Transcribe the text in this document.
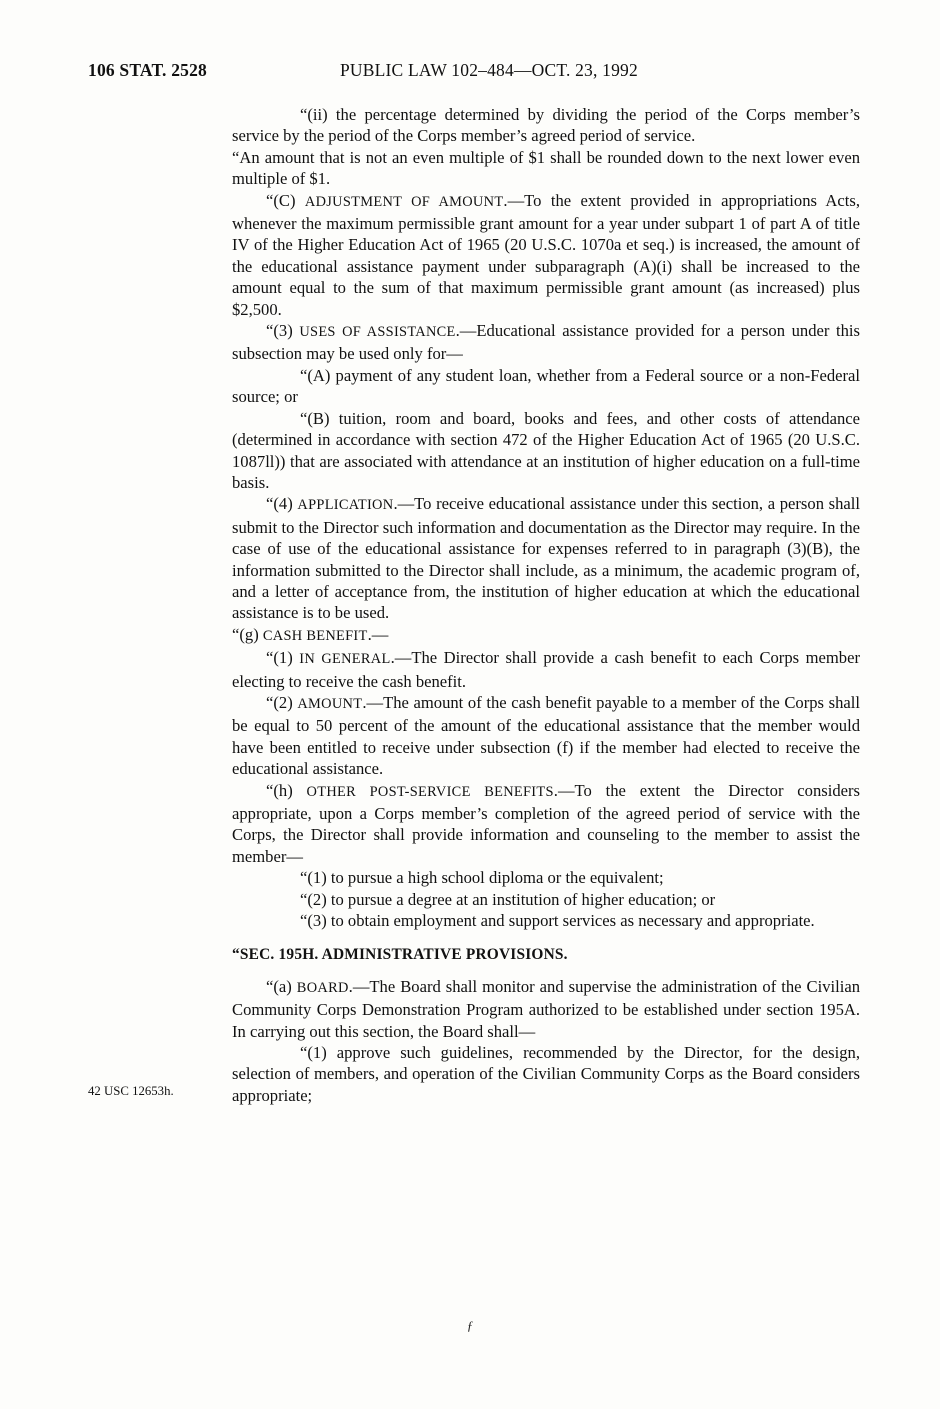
106 STAT. 2528	PUBLIC LAW 102–484—OCT. 23, 1992

“(ii) the percentage determined by dividing the period of the Corps member’s service by the period of the Corps member’s agreed period of service.

“An amount that is not an even multiple of $1 shall be rounded down to the next lower even multiple of $1.

“(C) ADJUSTMENT OF AMOUNT.—To the extent provided in appropriations Acts, whenever the maximum permissible grant amount for a year under subpart 1 of part A of title IV of the Higher Education Act of 1965 (20 U.S.C. 1070a et seq.) is increased, the amount of the educational assistance payment under subparagraph (A)(i) shall be increased to the amount equal to the sum of that maximum permissible grant amount (as increased) plus $2,500.

“(3) USES OF ASSISTANCE.—Educational assistance provided for a person under this subsection may be used only for—

“(A) payment of any student loan, whether from a Federal source or a non-Federal source; or

“(B) tuition, room and board, books and fees, and other costs of attendance (determined in accordance with section 472 of the Higher Education Act of 1965 (20 U.S.C. 1087ll)) that are associated with attendance at an institution of higher education on a full-time basis.

“(4) APPLICATION.—To receive educational assistance under this section, a person shall submit to the Director such information and documentation as the Director may require. In the case of use of the educational assistance for expenses referred to in paragraph (3)(B), the information submitted to the Director shall include, as a minimum, the academic program of, and a letter of acceptance from, the institution of higher education at which the educational assistance is to be used.

“(g) CASH BENEFIT.—

“(1) IN GENERAL.—The Director shall provide a cash benefit to each Corps member electing to receive the cash benefit.

“(2) AMOUNT.—The amount of the cash benefit payable to a member of the Corps shall be equal to 50 percent of the amount of the educational assistance that the member would have been entitled to receive under subsection (f) if the member had elected to receive the educational assistance.

“(h) OTHER POST-SERVICE BENEFITS.—To the extent the Director considers appropriate, upon a Corps member’s completion of the agreed period of service with the Corps, the Director shall provide information and counseling to the member to assist the member—

“(1) to pursue a high school diploma or the equivalent;

“(2) to pursue a degree at an institution of higher education; or

“(3) to obtain employment and support services as necessary and appropriate.

“SEC. 195H. ADMINISTRATIVE PROVISIONS.

“(a) BOARD.—The Board shall monitor and supervise the administration of the Civilian Community Corps Demonstration Program authorized to be established under section 195A. In carrying out this section, the Board shall—

“(1) approve such guidelines, recommended by the Director, for the design, selection of members, and operation of the Civilian Community Corps as the Board considers appropriate;

42 USC 12653h.
ƒ
